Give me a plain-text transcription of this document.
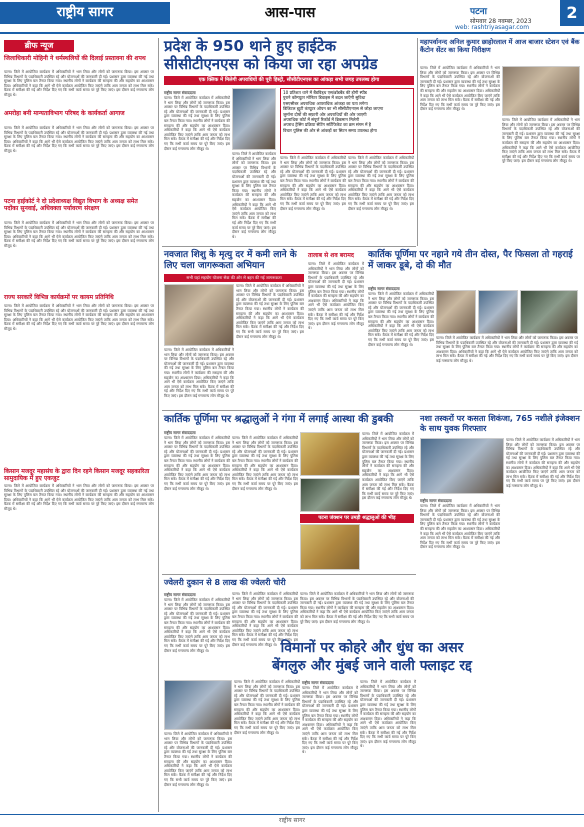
राष्ट्रीय सागर	आस-पास	पटना
सोमवार 28 नवम्बर, 2023	2
web: rashtriyasagar.com
ब्रीफ न्यूज
जिलाधिकारी मोहिनी ने धर्मस्थलियों की दिलाई प्रस्तावना की शपथ
पटना। जिले में आयोजित कार्यक्रम में अधिकारियों ने भाग लिया और लोगों को जागरूक किया। इस अवसर पर विभिन्न विभागों के पदाधिकारी उपस्थित रहे और योजनाओं की जानकारी दी गई। प्रशासन द्वारा व्यवस्था की गई तथा सुरक्षा के लिए पुलिस बल तैनात किया गया। स्थानीय लोगों ने कार्यक्रम की सराहना की और सहयोग का आश्वासन दिया। अधिकारियों ने कहा कि आगे भी ऐसे कार्यक्रम आयोजित किए जाएंगे ताकि आम जनता को लाभ मिल सके। बैठक में समीक्षा की गई और निर्देश दिए गए कि सभी कार्य समय पर पूरे किए जाएं। इस दौरान कई गणमान्य लोग मौजूद थे।
अमरोहा बनी मान्यताविभाग परिषद के कार्यकर्ता आगाज
पटना। जिले में आयोजित कार्यक्रम में अधिकारियों ने भाग लिया और लोगों को जागरूक किया। इस अवसर पर विभिन्न विभागों के पदाधिकारी उपस्थित रहे और योजनाओं की जानकारी दी गई। प्रशासन द्वारा व्यवस्था की गई तथा सुरक्षा के लिए पुलिस बल तैनात किया गया। स्थानीय लोगों ने कार्यक्रम की सराहना की और सहयोग का आश्वासन दिया। अधिकारियों ने कहा कि आगे भी ऐसे कार्यक्रम आयोजित किए जाएंगे ताकि आम जनता को लाभ मिल सके। बैठक में समीक्षा की गई और निर्देश दिए गए कि सभी कार्य समय पर पूरे किए जाएं। इस दौरान कई गणमान्य लोग मौजूद थे।
पटना हाईकोर्ट ने दो प्रदेशाध्यक्ष विद्युत विभाग के अध्यक्ष समेत पदोंका सुनवाई, अधिवक्ता पर्यावरण संरक्षण
पटना। जिले में आयोजित कार्यक्रम में अधिकारियों ने भाग लिया और लोगों को जागरूक किया। इस अवसर पर विभिन्न विभागों के पदाधिकारी उपस्थित रहे और योजनाओं की जानकारी दी गई। प्रशासन द्वारा व्यवस्था की गई तथा सुरक्षा के लिए पुलिस बल तैनात किया गया। स्थानीय लोगों ने कार्यक्रम की सराहना की और सहयोग का आश्वासन दिया। अधिकारियों ने कहा कि आगे भी ऐसे कार्यक्रम आयोजित किए जाएंगे ताकि आम जनता को लाभ मिल सके। बैठक में समीक्षा की गई और निर्देश दिए गए कि सभी कार्य समय पर पूरे किए जाएं। इस दौरान कई गणमान्य लोग मौजूद थे।
राज्य सरकारें विभिन्न कार्यक्रमों पर कायम प्रतिनिधि
पटना। जिले में आयोजित कार्यक्रम में अधिकारियों ने भाग लिया और लोगों को जागरूक किया। इस अवसर पर विभिन्न विभागों के पदाधिकारी उपस्थित रहे और योजनाओं की जानकारी दी गई। प्रशासन द्वारा व्यवस्था की गई तथा सुरक्षा के लिए पुलिस बल तैनात किया गया। स्थानीय लोगों ने कार्यक्रम की सराहना की और सहयोग का आश्वासन दिया। अधिकारियों ने कहा कि आगे भी ऐसे कार्यक्रम आयोजित किए जाएंगे ताकि आम जनता को लाभ मिल सके। बैठक में समीक्षा की गई और निर्देश दिए गए कि सभी कार्य समय पर पूरे किए जाएं। इस दौरान कई गणमान्य लोग मौजूद थे।
किसान मजदूर महासंघ के द्वारा दिन रहने किसान मजदूर सहकारिता सामुदायिक में हुए एकजुट
पटना। जिले में आयोजित कार्यक्रम में अधिकारियों ने भाग लिया और लोगों को जागरूक किया। इस अवसर पर विभिन्न विभागों के पदाधिकारी उपस्थित रहे और योजनाओं की जानकारी दी गई। प्रशासन द्वारा व्यवस्था की गई तथा सुरक्षा के लिए पुलिस बल तैनात किया गया। स्थानीय लोगों ने कार्यक्रम की सराहना की और सहयोग का आश्वासन दिया। अधिकारियों ने कहा कि आगे भी ऐसे कार्यक्रम आयोजित किए जाएंगे ताकि आम जनता को लाभ मिल सके। बैठक में समीक्षा की गई और निर्देश दिए गए कि सभी कार्य समय पर पूरे किए जाएं। इस दौरान कई गणमान्य लोग मौजूद थे।
प्रदेश के 950 थाने हुए हाईटेक
सीसीटीएनएस को किया जा रहा अपग्रेड
एक क्लिक में मिलेगी अपराधियों की पूरी हिस्ट्री, सीसीटीएनएस का आंकड़ा सभी जगह उपलब्ध होगा
राष्ट्रीय सागर संवाददाता
पटना। जिले में आयोजित कार्यक्रम में अधिकारियों ने भाग लिया और लोगों को जागरूक किया। इस अवसर पर विभिन्न विभागों के पदाधिकारी उपस्थित रहे और योजनाओं की जानकारी दी गई। प्रशासन द्वारा व्यवस्था की गई तथा सुरक्षा के लिए पुलिस बल तैनात किया गया। स्थानीय लोगों ने कार्यक्रम की सराहना की और सहयोग का आश्वासन दिया। अधिकारियों ने कहा कि आगे भी ऐसे कार्यक्रम आयोजित किए जाएंगे ताकि आम जनता को लाभ मिल सके। बैठक में समीक्षा की गई और निर्देश दिए गए कि सभी कार्य समय पर पूरे किए जाएं। इस दौरान कई गणमान्य लोग मौजूद थे।
पटना। जिले में आयोजित कार्यक्रम में अधिकारियों ने भाग लिया और लोगों को जागरूक किया। इस अवसर पर विभिन्न विभागों के पदाधिकारी उपस्थित रहे और योजनाओं की जानकारी दी गई। प्रशासन द्वारा व्यवस्था की गई तथा सुरक्षा के लिए पुलिस बल तैनात किया गया। स्थानीय लोगों ने कार्यक्रम की सराहना की और सहयोग का आश्वासन दिया। अधिकारियों ने कहा कि आगे भी ऐसे कार्यक्रम आयोजित किए जाएंगे ताकि आम जनता को लाभ मिल सके। बैठक में समीक्षा की गई और निर्देश दिए गए कि सभी कार्य समय पर पूरे किए जाएं। इस दौरान कई गणमान्य लोग मौजूद थे।
10 प्रतिशत थाने में बैंडविड्थ एस/ब्रॉडबैंड की होगी स्पीड
पुराने कॉम्प्यूटर मॉनिटर डिवाइस में बदल जाएँगी सुविधा
एसएसीबर अपराधिक आपराधिक आंकड़ा का पता लगेगा
डिजिटल ह्यूटी कंप्यूटर ओपन का भी सीसीटीएनएस से जोड़ा जाएगा
जुर्माना दोषों की सफ़ारी ओर अपराधियों की ओर जाएगी
अपराधिक कोर्ट में संपूर्ण रिकॉर्ड में ब्रिकमान मिलेगी
अपराध ट्रेसिंग प्रक्रिया सेटिंग सर्टिफिकेट का क्रम संगम में है
विचार पुलिस की ओर से आंकड़ों का सिटन समय उपलब्ध होगा
पटना। जिले में आयोजित कार्यक्रम में अधिकारियों ने भाग लिया और लोगों को जागरूक किया। इस अवसर पर विभिन्न विभागों के पदाधिकारी उपस्थित रहे और योजनाओं की जानकारी दी गई। प्रशासन द्वारा व्यवस्था की गई तथा सुरक्षा के लिए पुलिस बल तैनात किया गया। स्थानीय लोगों ने कार्यक्रम की सराहना की और सहयोग का आश्वासन दिया। अधिकारियों ने कहा कि आगे भी ऐसे कार्यक्रम आयोजित किए जाएंगे ताकि आम जनता को लाभ मिल सके। बैठक में समीक्षा की गई और निर्देश दिए गए कि सभी कार्य समय पर पूरे किए जाएं। इस दौरान कई गणमान्य लोग मौजूद थे।
पटना। जिले में आयोजित कार्यक्रम में अधिकारियों ने भाग लिया और लोगों को जागरूक किया। इस अवसर पर विभिन्न विभागों के पदाधिकारी उपस्थित रहे और योजनाओं की जानकारी दी गई। प्रशासन द्वारा व्यवस्था की गई तथा सुरक्षा के लिए पुलिस बल तैनात किया गया। स्थानीय लोगों ने कार्यक्रम की सराहना की और सहयोग का आश्वासन दिया। अधिकारियों ने कहा कि आगे भी ऐसे कार्यक्रम आयोजित किए जाएंगे ताकि आम जनता को लाभ मिल सके। बैठक में समीक्षा की गई और निर्देश दिए गए कि सभी कार्य समय पर पूरे किए जाएं। इस दौरान कई गणमान्य लोग मौजूद थे।
नवजात शिशु के मृत्यु दर में कमी लाने के लिए चला जागरूकता अभियान
सभी यहां सहयोग योजना सेवा की ओर से बहन की गई जागरूकता
पटना। जिले में आयोजित कार्यक्रम में अधिकारियों ने भाग लिया और लोगों को जागरूक किया। इस अवसर पर विभिन्न विभागों के पदाधिकारी उपस्थित रहे और योजनाओं की जानकारी दी गई। प्रशासन द्वारा व्यवस्था की गई तथा सुरक्षा के लिए पुलिस बल तैनात किया गया। स्थानीय लोगों ने कार्यक्रम की सराहना की और सहयोग का आश्वासन दिया। अधिकारियों ने कहा कि आगे भी ऐसे कार्यक्रम आयोजित किए जाएंगे ताकि आम जनता को लाभ मिल सके। बैठक में समीक्षा की गई और निर्देश दिए गए कि सभी कार्य समय पर पूरे किए जाएं। इस दौरान कई गणमान्य लोग मौजूद थे।
पटना। जिले में आयोजित कार्यक्रम में अधिकारियों ने भाग लिया और लोगों को जागरूक किया। इस अवसर पर विभिन्न विभागों के पदाधिकारी उपस्थित रहे और योजनाओं की जानकारी दी गई। प्रशासन द्वारा व्यवस्था की गई तथा सुरक्षा के लिए पुलिस बल तैनात किया गया। स्थानीय लोगों ने कार्यक्रम की सराहना की और सहयोग का आश्वासन दिया। अधिकारियों ने कहा कि आगे भी ऐसे कार्यक्रम आयोजित किए जाएंगे ताकि आम जनता को लाभ मिल सके। बैठक में समीक्षा की गई और निर्देश दिए गए कि सभी कार्य समय पर पूरे किए जाएं। इस दौरान कई गणमान्य लोग मौजूद थे।
तालाब से शव बरामद
पटना। जिले में आयोजित कार्यक्रम में अधिकारियों ने भाग लिया और लोगों को जागरूक किया। इस अवसर पर विभिन्न विभागों के पदाधिकारी उपस्थित रहे और योजनाओं की जानकारी दी गई। प्रशासन द्वारा व्यवस्था की गई तथा सुरक्षा के लिए पुलिस बल तैनात किया गया। स्थानीय लोगों ने कार्यक्रम की सराहना की और सहयोग का आश्वासन दिया। अधिकारियों ने कहा कि आगे भी ऐसे कार्यक्रम आयोजित किए जाएंगे ताकि आम जनता को लाभ मिल सके। बैठक में समीक्षा की गई और निर्देश दिए गए कि सभी कार्य समय पर पूरे किए जाएं। इस दौरान कई गणमान्य लोग मौजूद थे।
कार्तिक पूर्णिमा पर नहाने गये तीन दोस्त, पैर फिसला तो गहराई में जाकर डूबे, दो की मौत
राष्ट्रीय सागर संवाददाता
पटना। जिले में आयोजित कार्यक्रम में अधिकारियों ने भाग लिया और लोगों को जागरूक किया। इस अवसर पर विभिन्न विभागों के पदाधिकारी उपस्थित रहे और योजनाओं की जानकारी दी गई। प्रशासन द्वारा व्यवस्था की गई तथा सुरक्षा के लिए पुलिस बल तैनात किया गया। स्थानीय लोगों ने कार्यक्रम की सराहना की और सहयोग का आश्वासन दिया। अधिकारियों ने कहा कि आगे भी ऐसे कार्यक्रम आयोजित किए जाएंगे ताकि आम जनता को लाभ मिल सके। बैठक में समीक्षा की गई और निर्देश दिए गए कि सभी कार्य समय पर पूरे किए जाएं। इस दौरान कई गणमान्य लोग मौजूद थे।
पटना। जिले में आयोजित कार्यक्रम में अधिकारियों ने भाग लिया और लोगों को जागरूक किया। इस अवसर पर विभिन्न विभागों के पदाधिकारी उपस्थित रहे और योजनाओं की जानकारी दी गई। प्रशासन द्वारा व्यवस्था की गई तथा सुरक्षा के लिए पुलिस बल तैनात किया गया। स्थानीय लोगों ने कार्यक्रम की सराहना की और सहयोग का आश्वासन दिया। अधिकारियों ने कहा कि आगे भी ऐसे कार्यक्रम आयोजित किए जाएंगे ताकि आम जनता को लाभ मिल सके। बैठक में समीक्षा की गई और निर्देश दिए गए कि सभी कार्य समय पर पूरे किए जाएं। इस दौरान कई गणमान्य लोग मौजूद थे।
कार्तिक पूर्णिमा पर श्रद्धालुओं ने गंगा में लगाई आस्था की डुबकी
राष्ट्रीय सागर संवाददाता
पटना। जिले में आयोजित कार्यक्रम में अधिकारियों ने भाग लिया और लोगों को जागरूक किया। इस अवसर पर विभिन्न विभागों के पदाधिकारी उपस्थित रहे और योजनाओं की जानकारी दी गई। प्रशासन द्वारा व्यवस्था की गई तथा सुरक्षा के लिए पुलिस बल तैनात किया गया। स्थानीय लोगों ने कार्यक्रम की सराहना की और सहयोग का आश्वासन दिया। अधिकारियों ने कहा कि आगे भी ऐसे कार्यक्रम आयोजित किए जाएंगे ताकि आम जनता को लाभ मिल सके। बैठक में समीक्षा की गई और निर्देश दिए गए कि सभी कार्य समय पर पूरे किए जाएं। इस दौरान कई गणमान्य लोग मौजूद थे।
पटना। जिले में आयोजित कार्यक्रम में अधिकारियों ने भाग लिया और लोगों को जागरूक किया। इस अवसर पर विभिन्न विभागों के पदाधिकारी उपस्थित रहे और योजनाओं की जानकारी दी गई। प्रशासन द्वारा व्यवस्था की गई तथा सुरक्षा के लिए पुलिस बल तैनात किया गया। स्थानीय लोगों ने कार्यक्रम की सराहना की और सहयोग का आश्वासन दिया। अधिकारियों ने कहा कि आगे भी ऐसे कार्यक्रम आयोजित किए जाएंगे ताकि आम जनता को लाभ मिल सके। बैठक में समीक्षा की गई और निर्देश दिए गए कि सभी कार्य समय पर पूरे किए जाएं। इस दौरान कई गणमान्य लोग मौजूद थे।
पटना। जिले में आयोजित कार्यक्रम में अधिकारियों ने भाग लिया और लोगों को जागरूक किया। इस अवसर पर विभिन्न विभागों के पदाधिकारी उपस्थित रहे और योजनाओं की जानकारी दी गई। प्रशासन द्वारा व्यवस्था की गई तथा सुरक्षा के लिए पुलिस बल तैनात किया गया। स्थानीय लोगों ने कार्यक्रम की सराहना की और सहयोग का आश्वासन दिया। अधिकारियों ने कहा कि आगे भी ऐसे कार्यक्रम आयोजित किए जाएंगे ताकि आम जनता को लाभ मिल सके। बैठक में समीक्षा की गई और निर्देश दिए गए कि सभी कार्य समय पर पूरे किए जाएं। इस दौरान कई गणमान्य लोग मौजूद थे।
पटना जंक्शन पर उमड़ी श्रद्धालुओं की भीड़
नशा तस्करों पर कसता शिकंजा, 765 नशीले इंजेक्शन के साथ युवक गिरफ्तार
राष्ट्रीय सागर संवाददाता
पटना। जिले में आयोजित कार्यक्रम में अधिकारियों ने भाग लिया और लोगों को जागरूक किया। इस अवसर पर विभिन्न विभागों के पदाधिकारी उपस्थित रहे और योजनाओं की जानकारी दी गई। प्रशासन द्वारा व्यवस्था की गई तथा सुरक्षा के लिए पुलिस बल तैनात किया गया। स्थानीय लोगों ने कार्यक्रम की सराहना की और सहयोग का आश्वासन दिया। अधिकारियों ने कहा कि आगे भी ऐसे कार्यक्रम आयोजित किए जाएंगे ताकि आम जनता को लाभ मिल सके। बैठक में समीक्षा की गई और निर्देश दिए गए कि सभी कार्य समय पर पूरे किए जाएं। इस दौरान कई गणमान्य लोग मौजूद थे।
पटना। जिले में आयोजित कार्यक्रम में अधिकारियों ने भाग लिया और लोगों को जागरूक किया। इस अवसर पर विभिन्न विभागों के पदाधिकारी उपस्थित रहे और योजनाओं की जानकारी दी गई। प्रशासन द्वारा व्यवस्था की गई तथा सुरक्षा के लिए पुलिस बल तैनात किया गया। स्थानीय लोगों ने कार्यक्रम की सराहना की और सहयोग का आश्वासन दिया। अधिकारियों ने कहा कि आगे भी ऐसे कार्यक्रम आयोजित किए जाएंगे ताकि आम जनता को लाभ मिल सके। बैठक में समीक्षा की गई और निर्देश दिए गए कि सभी कार्य समय पर पूरे किए जाएं। इस दौरान कई गणमान्य लोग मौजूद थे।
महापर्वानन्द अनिल कुमार छाहोरलाल में आज बाजार स्टेशन एवं बैंक कैंटोन सेंटर का किया निरीक्षण
पटना। जिले में आयोजित कार्यक्रम में अधिकारियों ने भाग लिया और लोगों को जागरूक किया। इस अवसर पर विभिन्न विभागों के पदाधिकारी उपस्थित रहे और योजनाओं की जानकारी दी गई। प्रशासन द्वारा व्यवस्था की गई तथा सुरक्षा के लिए पुलिस बल तैनात किया गया। स्थानीय लोगों ने कार्यक्रम की सराहना की और सहयोग का आश्वासन दिया। अधिकारियों ने कहा कि आगे भी ऐसे कार्यक्रम आयोजित किए जाएंगे ताकि आम जनता को लाभ मिल सके। बैठक में समीक्षा की गई और निर्देश दिए गए कि सभी कार्य समय पर पूरे किए जाएं। इस दौरान कई गणमान्य लोग मौजूद थे।
पटना। जिले में आयोजित कार्यक्रम में अधिकारियों ने भाग लिया और लोगों को जागरूक किया। इस अवसर पर विभिन्न विभागों के पदाधिकारी उपस्थित रहे और योजनाओं की जानकारी दी गई। प्रशासन द्वारा व्यवस्था की गई तथा सुरक्षा के लिए पुलिस बल तैनात किया गया। स्थानीय लोगों ने कार्यक्रम की सराहना की और सहयोग का आश्वासन दिया। अधिकारियों ने कहा कि आगे भी ऐसे कार्यक्रम आयोजित किए जाएंगे ताकि आम जनता को लाभ मिल सके। बैठक में समीक्षा की गई और निर्देश दिए गए कि सभी कार्य समय पर पूरे किए जाएं। इस दौरान कई गणमान्य लोग मौजूद थे।
ज्वेलरी दुकान से 8 लाख की ज्वेलरी चोरी
राष्ट्रीय सागर संवाददाता
पटना। जिले में आयोजित कार्यक्रम में अधिकारियों ने भाग लिया और लोगों को जागरूक किया। इस अवसर पर विभिन्न विभागों के पदाधिकारी उपस्थित रहे और योजनाओं की जानकारी दी गई। प्रशासन द्वारा व्यवस्था की गई तथा सुरक्षा के लिए पुलिस बल तैनात किया गया। स्थानीय लोगों ने कार्यक्रम की सराहना की और सहयोग का आश्वासन दिया। अधिकारियों ने कहा कि आगे भी ऐसे कार्यक्रम आयोजित किए जाएंगे ताकि आम जनता को लाभ मिल सके। बैठक में समीक्षा की गई और निर्देश दिए गए कि सभी कार्य समय पर पूरे किए जाएं। इस दौरान कई गणमान्य लोग मौजूद थे।
पटना। जिले में आयोजित कार्यक्रम में अधिकारियों ने भाग लिया और लोगों को जागरूक किया। इस अवसर पर विभिन्न विभागों के पदाधिकारी उपस्थित रहे और योजनाओं की जानकारी दी गई। प्रशासन द्वारा व्यवस्था की गई तथा सुरक्षा के लिए पुलिस बल तैनात किया गया। स्थानीय लोगों ने कार्यक्रम की सराहना की और सहयोग का आश्वासन दिया। अधिकारियों ने कहा कि आगे भी ऐसे कार्यक्रम आयोजित किए जाएंगे ताकि आम जनता को लाभ मिल सके। बैठक में समीक्षा की गई और निर्देश दिए गए कि सभी कार्य समय पर पूरे किए जाएं। इस दौरान कई गणमान्य लोग मौजूद थे।
पटना। जिले में आयोजित कार्यक्रम में अधिकारियों ने भाग लिया और लोगों को जागरूक किया। इस अवसर पर विभिन्न विभागों के पदाधिकारी उपस्थित रहे और योजनाओं की जानकारी दी गई। प्रशासन द्वारा व्यवस्था की गई तथा सुरक्षा के लिए पुलिस बल तैनात किया गया। स्थानीय लोगों ने कार्यक्रम की सराहना की और सहयोग का आश्वासन दिया। अधिकारियों ने कहा कि आगे भी ऐसे कार्यक्रम आयोजित किए जाएंगे ताकि आम जनता को लाभ मिल सके। बैठक में समीक्षा की गई और निर्देश दिए गए कि सभी कार्य समय पर पूरे किए जाएं। इस दौरान कई गणमान्य लोग मौजूद थे।
विमानों पर कोहरे और धुंध का असर
बेंगलुरु और मुंबई जाने वाली फ्लाइट रद्द
पटना। जिले में आयोजित कार्यक्रम में अधिकारियों ने भाग लिया और लोगों को जागरूक किया। इस अवसर पर विभिन्न विभागों के पदाधिकारी उपस्थित रहे और योजनाओं की जानकारी दी गई। प्रशासन द्वारा व्यवस्था की गई तथा सुरक्षा के लिए पुलिस बल तैनात किया गया। स्थानीय लोगों ने कार्यक्रम की सराहना की और सहयोग का आश्वासन दिया। अधिकारियों ने कहा कि आगे भी ऐसे कार्यक्रम आयोजित किए जाएंगे ताकि आम जनता को लाभ मिल सके। बैठक में समीक्षा की गई और निर्देश दिए गए कि सभी कार्य समय पर पूरे किए जाएं। इस दौरान कई गणमान्य लोग मौजूद थे।
पटना। जिले में आयोजित कार्यक्रम में अधिकारियों ने भाग लिया और लोगों को जागरूक किया। इस अवसर पर विभिन्न विभागों के पदाधिकारी उपस्थित रहे और योजनाओं की जानकारी दी गई। प्रशासन द्वारा व्यवस्था की गई तथा सुरक्षा के लिए पुलिस बल तैनात किया गया। स्थानीय लोगों ने कार्यक्रम की सराहना की और सहयोग का आश्वासन दिया। अधिकारियों ने कहा कि आगे भी ऐसे कार्यक्रम आयोजित किए जाएंगे ताकि आम जनता को लाभ मिल सके। बैठक में समीक्षा की गई और निर्देश दिए गए कि सभी कार्य समय पर पूरे किए जाएं। इस दौरान कई गणमान्य लोग मौजूद थे।
राष्ट्रीय सागर संवाददाता
पटना। जिले में आयोजित कार्यक्रम में अधिकारियों ने भाग लिया और लोगों को जागरूक किया। इस अवसर पर विभिन्न विभागों के पदाधिकारी उपस्थित रहे और योजनाओं की जानकारी दी गई। प्रशासन द्वारा व्यवस्था की गई तथा सुरक्षा के लिए पुलिस बल तैनात किया गया। स्थानीय लोगों ने कार्यक्रम की सराहना की और सहयोग का आश्वासन दिया। अधिकारियों ने कहा कि आगे भी ऐसे कार्यक्रम आयोजित किए जाएंगे ताकि आम जनता को लाभ मिल सके। बैठक में समीक्षा की गई और निर्देश दिए गए कि सभी कार्य समय पर पूरे किए जाएं। इस दौरान कई गणमान्य लोग मौजूद थे।
पटना। जिले में आयोजित कार्यक्रम में अधिकारियों ने भाग लिया और लोगों को जागरूक किया। इस अवसर पर विभिन्न विभागों के पदाधिकारी उपस्थित रहे और योजनाओं की जानकारी दी गई। प्रशासन द्वारा व्यवस्था की गई तथा सुरक्षा के लिए पुलिस बल तैनात किया गया। स्थानीय लोगों ने कार्यक्रम की सराहना की और सहयोग का आश्वासन दिया। अधिकारियों ने कहा कि आगे भी ऐसे कार्यक्रम आयोजित किए जाएंगे ताकि आम जनता को लाभ मिल सके। बैठक में समीक्षा की गई और निर्देश दिए गए कि सभी कार्य समय पर पूरे किए जाएं। इस दौरान कई गणमान्य लोग मौजूद थे।
राष्ट्रीय सागर
